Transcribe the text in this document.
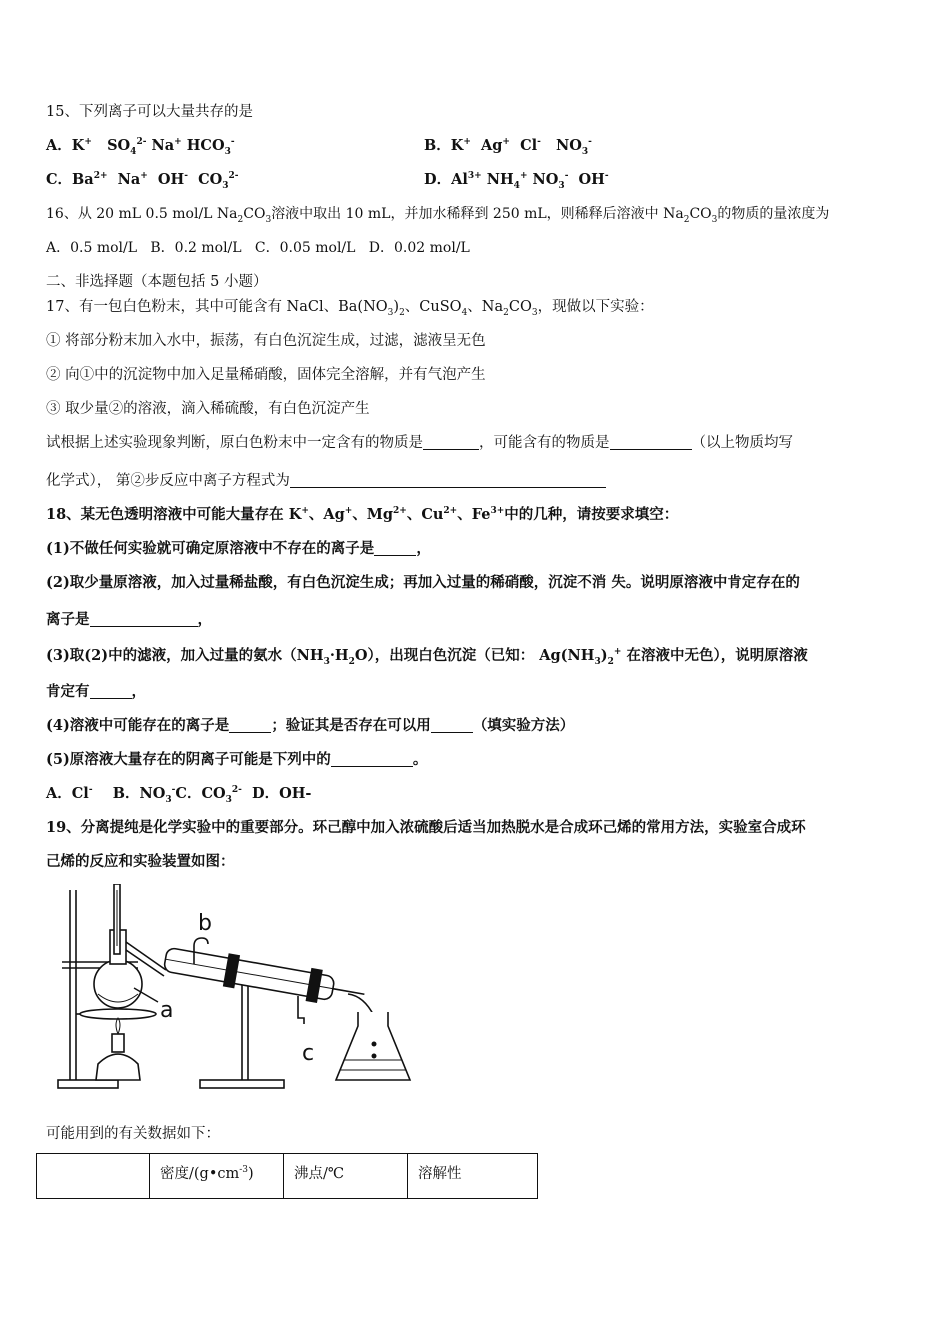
15、下列离子可以大量共存的是
A．K+   $SO_4^{2-}$ Na+ $HCO_3^-$	B．K+  Ag+  Cl-   $NO_3^-$
C．$Ba^{2+}$  Na+  OH-  $CO_3^{2-}$	D．$Al^{3+}$ $NH_4^+$ $NO_3^-$  OH-
16、从 20 mL 0.5 mol/L $Na_2CO_3$溶液中取出 10 mL，并加水稀释到 250 mL，则稀释后溶液中 $Na_2CO_3$的物质的量浓度为
A．0.5 mol/L   B．0.2 mol/L   C．0.05 mol/L   D．0.02 mol/L
二、非选择题（本题包括 5 小题）
17、有一包白色粉末，其中可能含有 NaCl、$Ba(NO_3)_2$、CuSO$_4$、$Na_2CO_3$，现做以下实验：
① 将部分粉末加入水中，振荡，有白色沉淀生成，过滤，滤液呈无色
② 向①中的沉淀物中加入足量稀硝酸，固体完全溶解，并有气泡产生
③ 取少量②的溶液，滴入稀硫酸，有白色沉淀产生
试根据上述实验现象判断，原白色粉末中一定含有的物质是	，可能含有的物质是	（以上物质均写
化学式）， 第②步反应中离子方程式为
18、某无色透明溶液中可能大量存在 K+、Ag+、$Mg^{2+}$、$Cu^{2+}$、$Fe^{3+}$中的几种，请按要求填空：
(1)不做任何实验就可确定原溶液中不存在的离子是	，
(2)取少量原溶液，加入过量稀盐酸，有白色沉淀生成；再加入过量的稀硝酸，沉淀不消 失。说明原溶液中肯定存在的
离子是	，
(3)取(2)中的滤液，加入过量的氨水$(NH_3\cdot H_2O)$，出现白色沉淀（已知： $Ag(NH_3)_2^+$ 在溶液中无色），说明原溶液
肯定有	，
(4)溶液中可能存在的离子是	；验证其是否存在可以用	（填实验方法）
(5)原溶液大量存在的阴离子可能是下列中的	。
A．Cl-    B．$NO_3^-C$．$CO_3^{2-}$  D．OH-
19、分离提纯是化学实验中的重要部分。环己醇中加入浓硫酸后适当加热脱水是合成环己烯的常用方法，实验室合成环
己烯的反应和实验装置如图：
a
b
c
可能用到的有关数据如下：
	密度$/(g•cm^{-3})$	沸点/℃	溶解性
